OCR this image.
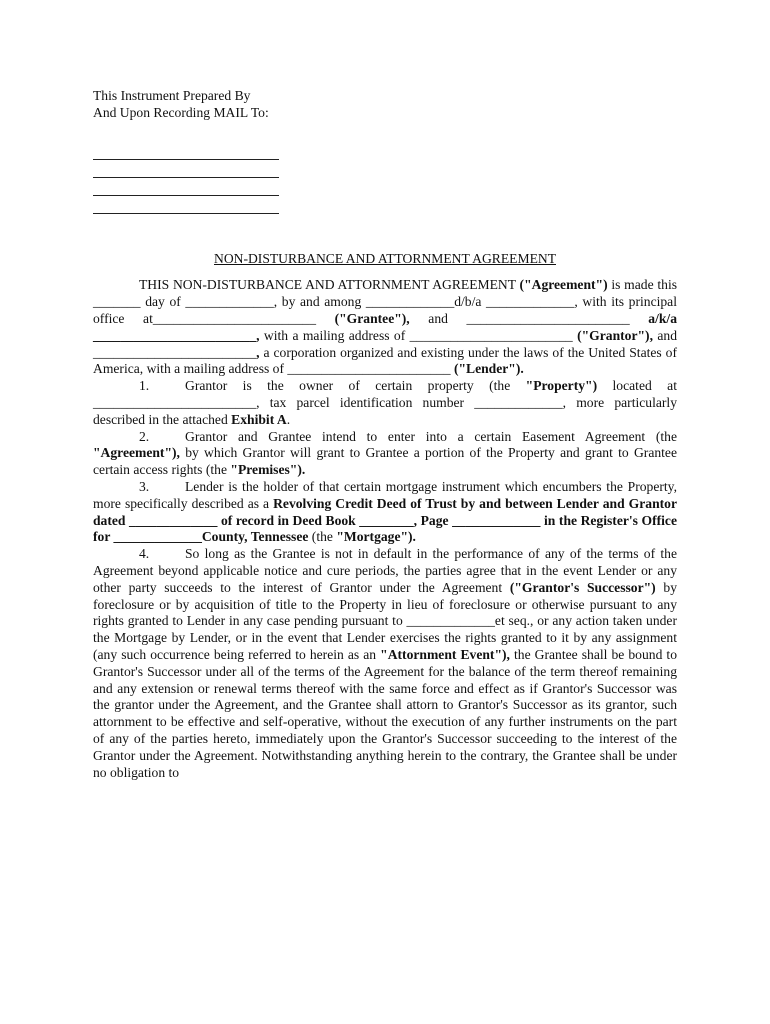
This Instrument Prepared By
And Upon Recording MAIL To:
NON-DISTURBANCE AND ATTORNMENT AGREEMENT

THIS NON-DISTURBANCE AND ATTORNMENT AGREEMENT ("Agreement") is made this _______ day of _____________, by and among _____________d/b/a _____________, with its principal office at________________________ ("Grantee"), and ________________________ a/k/a ________________________, with a mailing address of ________________________ ("Grantor"), and ________________________, a corporation organized and existing under the laws of the United States of America, with a mailing address of ________________________ ("Lender").

1.	Grantor is the owner of certain property (the "Property") located at ________________________, tax parcel identification number _____________, more particularly described in the attached Exhibit A.

2.	Grantor and Grantee intend to enter into a certain Easement Agreement (the "Agreement"), by which Grantor will grant to Grantee a portion of the Property and grant to Grantee certain access rights (the "Premises").

3.	Lender is the holder of that certain mortgage instrument which encumbers the Property, more specifically described as a Revolving Credit Deed of Trust by and between Lender and Grantor dated _____________ of record in Deed Book ________, Page _____________ in the Register's Office for _____________County, Tennessee (the "Mortgage").

4.	So long as the Grantee is not in default in the performance of any of the terms of the Agreement beyond applicable notice and cure periods, the parties agree that in the event Lender or any other party succeeds to the interest of Grantor under the Agreement ("Grantor's Successor") by foreclosure or by acquisition of title to the Property in lieu of foreclosure or otherwise pursuant to any rights granted to Lender in any case pending pursuant to _____________et seq., or any action taken under the Mortgage by Lender, or in the event that Lender exercises the rights granted to it by any assignment (any such occurrence being referred to herein as an "Attornment Event"), the Grantee shall be bound to Grantor's Successor under all of the terms of the Agreement for the balance of the term thereof remaining and any extension or renewal terms thereof with the same force and effect as if Grantor's Successor was the grantor under the Agreement, and the Grantee shall attorn to Grantor's Successor as its grantor, such attornment to be effective and self-operative, without the execution of any further instruments on the part of any of the parties hereto, immediately upon the Grantor's Successor succeeding to the interest of the Grantor under the Agreement. Notwithstanding anything herein to the contrary, the Grantee shall be under no obligation to
